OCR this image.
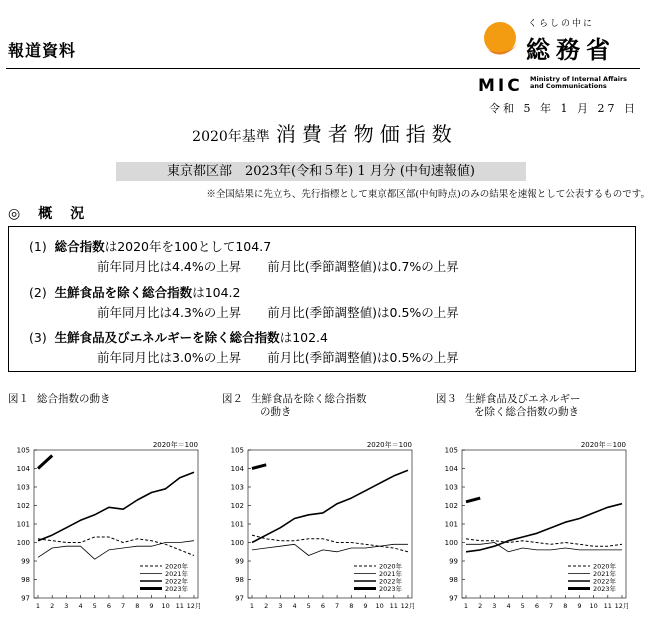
報道資料
くらしの中に
総務省
MIC Ministry of Internal Affairs
and Communications
令和 5 年 1 月 27 日
2020年基準 消費者物価指数
東京都区部　2023年(令和５年) 1 月分 (中旬速報値)
※全国結果に先立ち、先行指標として東京都区部(中旬時点)のみの結果を速報として公表するものです。
◎　概　況
(1) 総合指数は2020年を100として104.7
前年同月比は4.4%の上昇 前月比(季節調整値)は0.7%の上昇
(2) 生鮮食品を除く総合指数は104.2
前年同月比は4.3%の上昇 前月比(季節調整値)は0.5%の上昇
(3) 生鮮食品及びエネルギーを除く総合指数は102.4
前年同月比は3.0%の上昇 前月比(季節調整値)は0.5%の上昇
図１ 総合指数の動き	図２ 生鮮食品を除く総合指数
の動き
図３ 生鮮食品及びエネルギー
を除く総合指数の動き
2020年＝100
97
98
99
100
101
102
103
104
105
1 2 3 4 5 6 7 8 9 10 11 12月
2020年
2021年
2022年
2023年
2020年＝100
97
98
99
100
101
102
103
104
105
1 2 3 4 5 6 7 8 9 10 11 12月
2020年
2021年
2022年
2023年
2020年＝100
97
98
99
100
101
102
103
104
105
1 2 3 4 5 6 7 8 9 10 11 12月
2020年
2021年
2022年
2023年
